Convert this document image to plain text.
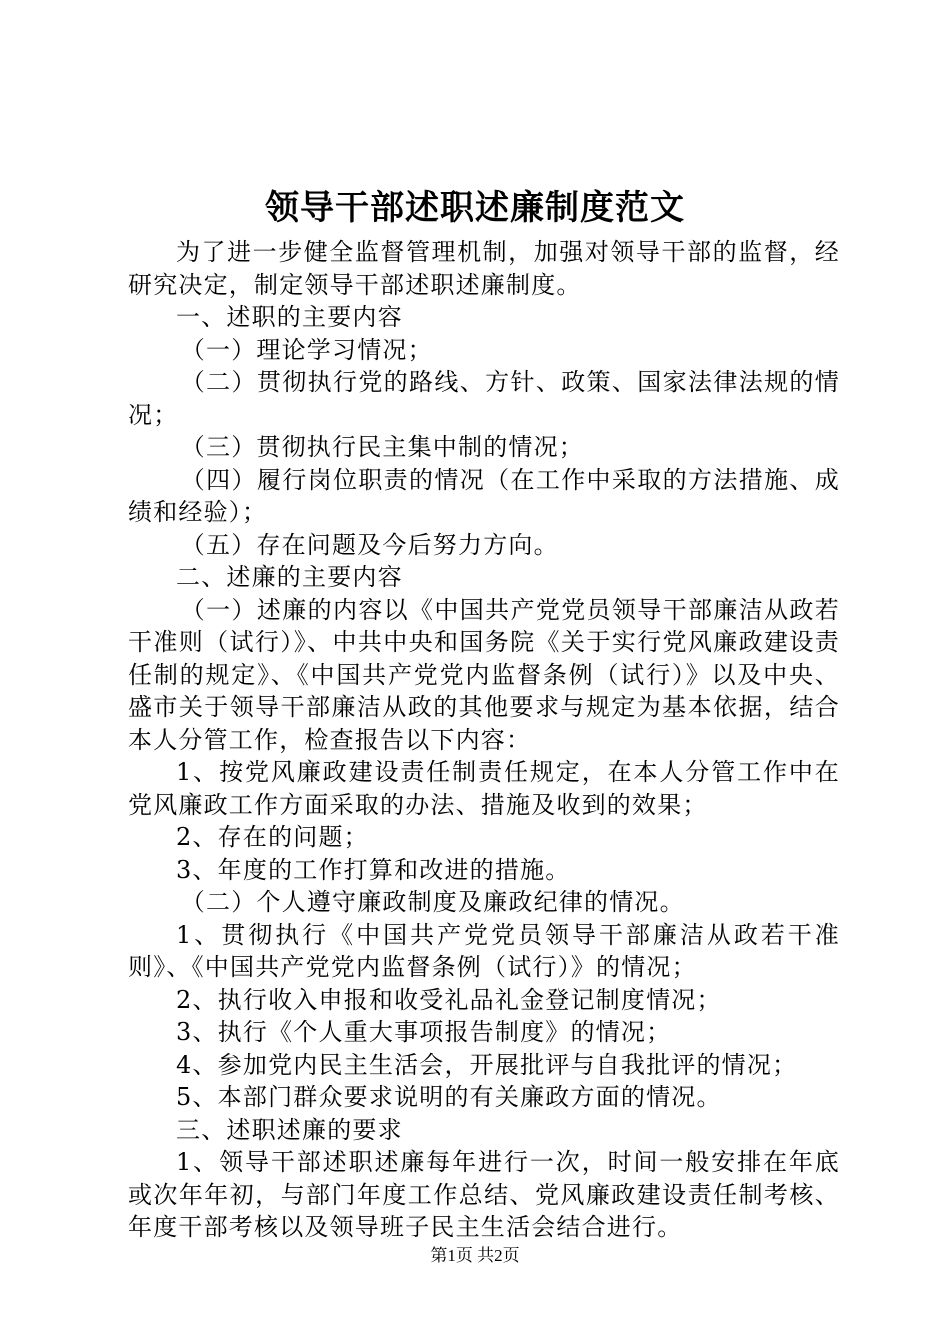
领导干部述职述廉制度范文

为了进一步健全监督管理机制，加强对领导干部的监督，经研究决定，制定领导干部述职述廉制度。

一、述职的主要内容

（一）理论学习情况；

（二）贯彻执行党的路线、方针、政策、国家法律法规的情况；

（三）贯彻执行民主集中制的情况；

（四）履行岗位职责的情况（在工作中采取的方法措施、成绩和经验）；

（五）存在问题及今后努力方向。

二、述廉的主要内容

（一）述廉的内容以《中国共产党党员领导干部廉洁从政若干准则（试行）》、中共中央和国务院《关于实行党风廉政建设责任制的规定》、《中国共产党党内监督条例（试行）》以及中央、盛市关于领导干部廉洁从政的其他要求与规定为基本依据，结合本人分管工作，检查报告以下内容：

1、按党风廉政建设责任制责任规定，在本人分管工作中在党风廉政工作方面采取的办法、措施及收到的效果；

2、存在的问题；

3、年度的工作打算和改进的措施。

（二）个人遵守廉政制度及廉政纪律的情况。

1、贯彻执行《中国共产党党员领导干部廉洁从政若干准则》、《中国共产党党内监督条例（试行）》的情况；

2、执行收入申报和收受礼品礼金登记制度情况；

3、执行《个人重大事项报告制度》的情况；

4、参加党内民主生活会，开展批评与自我批评的情况；

5、本部门群众要求说明的有关廉政方面的情况。

三、述职述廉的要求

1、领导干部述职述廉每年进行一次，时间一般安排在年底或次年年初，与部门年度工作总结、党风廉政建设责任制考核、年度干部考核以及领导班子民主生活会结合进行。

第1页 共2页
